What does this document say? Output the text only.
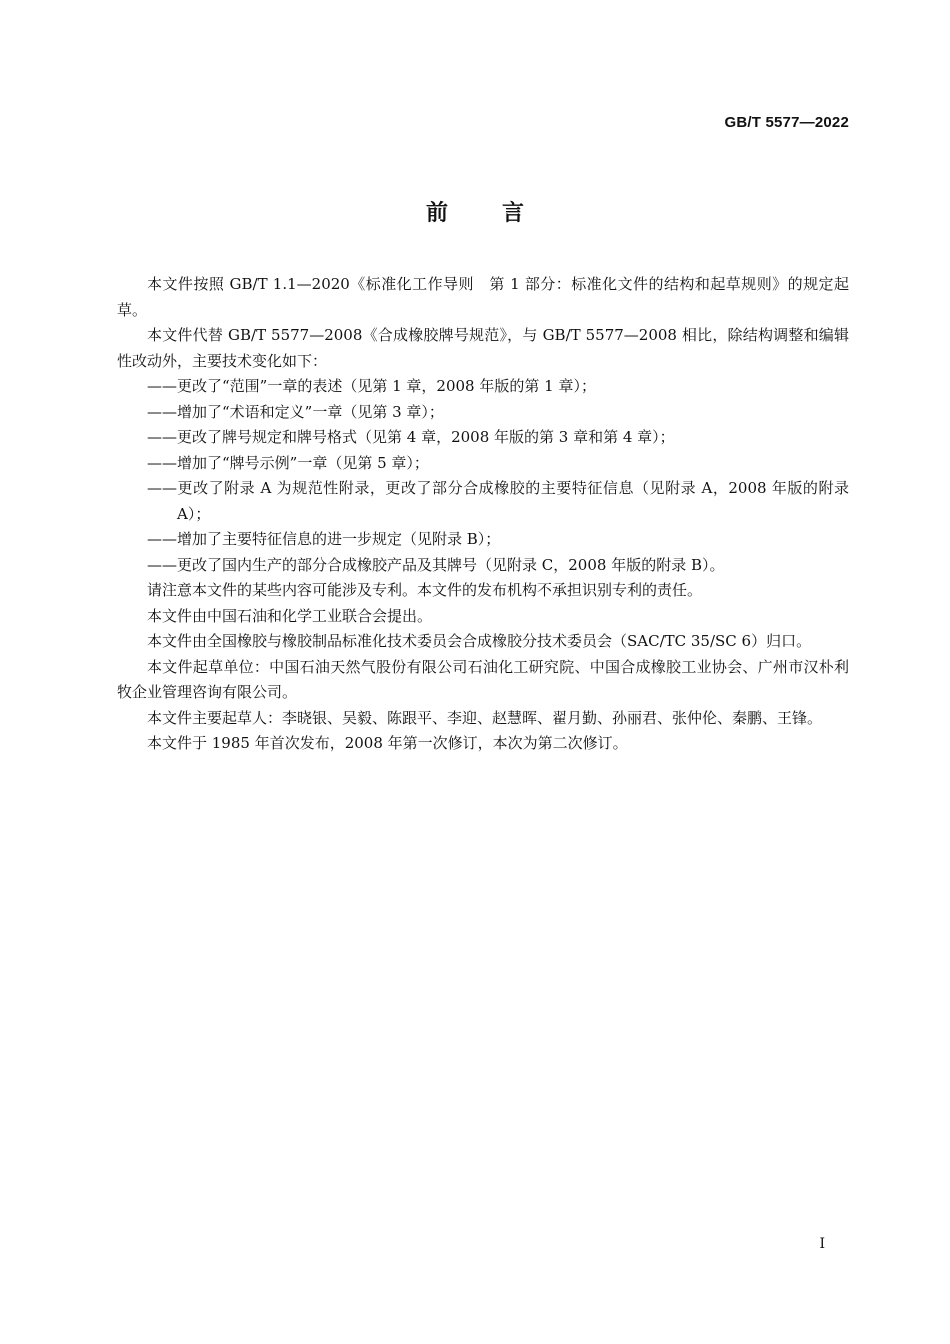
GB/T 5577—2022
前言

本文件按照 GB/T 1.1—2020《标准化工作导则　第 1 部分：标准化文件的结构和起草规则》的规定起草。

本文件代替 GB/T 5577—2008《合成橡胶牌号规范》，与 GB/T 5577—2008 相比，除结构调整和编辑性改动外，主要技术变化如下：

——更改了“范围”一章的表述（见第 1 章，2008 年版的第 1 章）；

——增加了“术语和定义”一章（见第 3 章）；

——更改了牌号规定和牌号格式（见第 4 章，2008 年版的第 3 章和第 4 章）；

——增加了“牌号示例”一章（见第 5 章）；

——更改了附录 A 为规范性附录，更改了部分合成橡胶的主要特征信息（见附录 A，2008 年版的附录 A）；

——增加了主要特征信息的进一步规定（见附录 B）；

——更改了国内生产的部分合成橡胶产品及其牌号（见附录 C，2008 年版的附录 B）。

请注意本文件的某些内容可能涉及专利。本文件的发布机构不承担识别专利的责任。

本文件由中国石油和化学工业联合会提出。

本文件由全国橡胶与橡胶制品标准化技术委员会合成橡胶分技术委员会（SAC/TC 35/SC 6）归口。

本文件起草单位：中国石油天然气股份有限公司石油化工研究院、中国合成橡胶工业协会、广州市汉朴利牧企业管理咨询有限公司。

本文件主要起草人：李晓银、吴毅、陈跟平、李迎、赵慧晖、翟月勤、孙丽君、张仲伦、秦鹏、王锋。

本文件于 1985 年首次发布，2008 年第一次修订，本次为第二次修订。

I
